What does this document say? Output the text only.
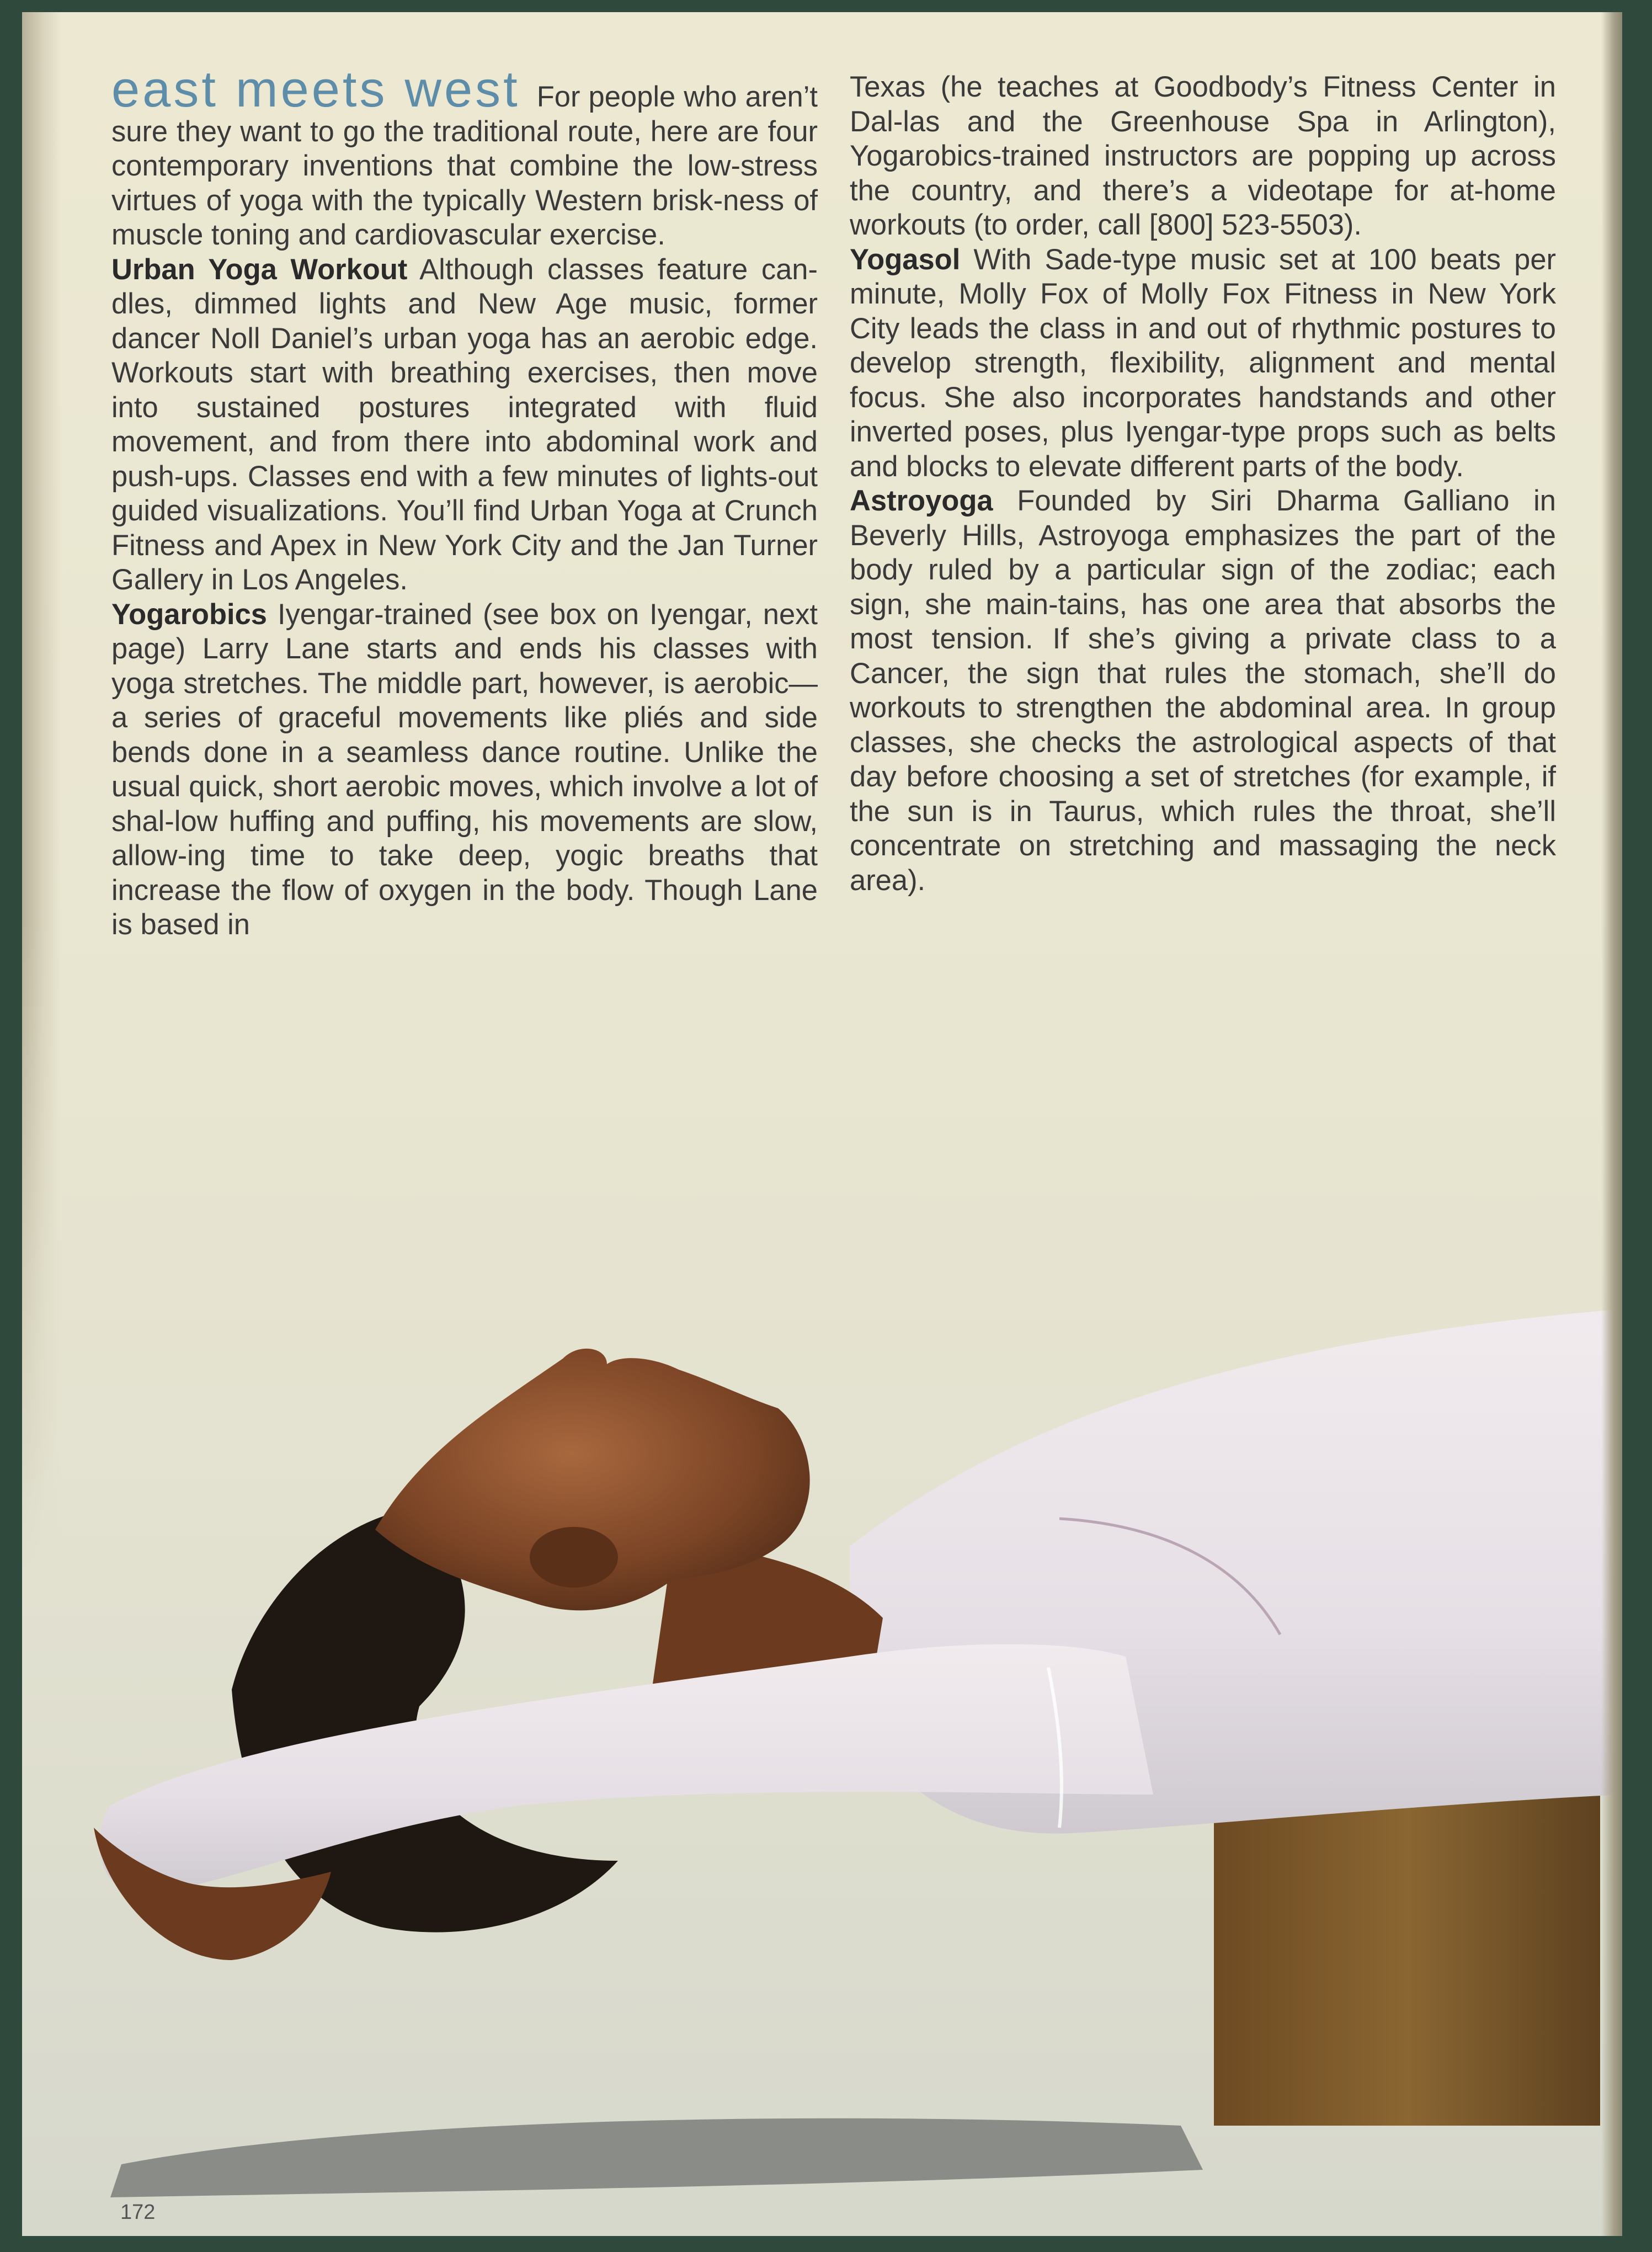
east meets west For people who aren’t sure they want to go the traditional route, here are four contemporary inventions that combine the low-stress virtues of yoga with the typically Western brisk-ness of muscle toning and cardiovascular exercise.

Urban Yoga Workout Although classes feature can-dles, dimmed lights and New Age music, former dancer Noll Daniel’s urban yoga has an aerobic edge. Workouts start with breathing exercises, then move into sustained postures integrated with fluid movement, and from there into abdominal work and push-ups. Classes end with a few minutes of lights-out guided visualizations. You’ll find Urban Yoga at Crunch Fitness and Apex in New York City and the Jan Turner Gallery in Los Angeles.

Yogarobics Iyengar-trained (see box on Iyengar, next page) Larry Lane starts and ends his classes with yoga stretches. The middle part, however, is aerobic—a series of graceful movements like pliés and side bends done in a seamless dance routine. Unlike the usual quick, short aerobic moves, which involve a lot of shal-low huffing and puffing, his movements are slow, allow-ing time to take deep, yogic breaths that increase the flow of oxygen in the body. Though Lane

Texas (he teaches at Goodbody’s Fitness Center in Dal-las and the Greenhouse Spa in Arlington), Yogarobics-trained instructors are popping up across the country, and there’s a videotape for at-home workouts (to order, call [800] 523-5503).

Yogasol With Sade-type music set at 100 beats per minute, Molly Fox of Molly Fox Fitness in New York City leads the class in and out of rhythmic postures to develop strength, flexibility, alignment and mental focus. She also incorporates handstands and other inverted poses, plus Iyengar-type props such as belts and blocks to elevate different parts of the body.

Astroyoga Founded by Siri Dharma Galliano in Beverly Hills, Astroyoga emphasizes the part of the body ruled by a particular sign of the zodiac; each sign, she main-tains, has one area that absorbs the most tension. If she’s giving a private class to a Cancer, the sign that rules the stomach, she’ll do workouts to strengthen the abdominal area. In group classes, she checks the astrological aspects of that day before choosing a set of stretches (for example, if the sun is in Taurus, which rules the throat, she’ll concentrate on stretching and massaging the neck area).

172
